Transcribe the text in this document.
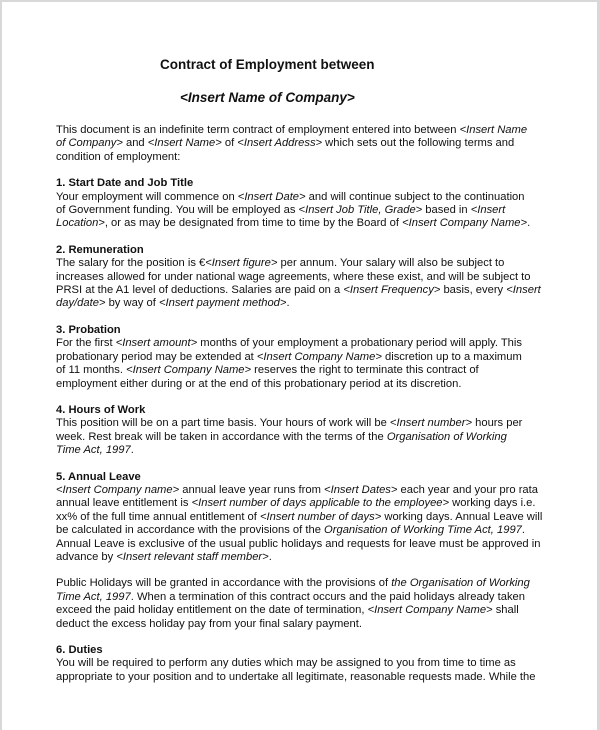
Contract of Employment between
<Insert Name of Company>

This document is an indefinite term contract of employment entered into between <Insert Name
of Company> and <Insert Name> of <Insert Address> which sets out the following terms and
condition of employment:

1. Start Date and Job Title

Your employment will commence on <Insert Date> and will continue subject to the continuation
of Government funding. You will be employed as <Insert Job Title, Grade> based in <Insert
Location>, or as may be designated from time to time by the Board of <Insert Company Name>.

2. Remuneration

The salary for the position is €<Insert figure> per annum. Your salary will also be subject to
increases allowed for under national wage agreements, where these exist, and will be subject to
PRSI at the A1 level of deductions. Salaries are paid on a <Insert Frequency> basis, every <Insert
day/date> by way of <Insert payment method>.

3. Probation

For the first <Insert amount> months of your employment a probationary period will apply. This
probationary period may be extended at <Insert Company Name> discretion up to a maximum
of 11 months. <Insert Company Name> reserves the right to terminate this contract of
employment either during or at the end of this probationary period at its discretion.

4. Hours of Work

This position will be on a part time basis. Your hours of work will be <Insert number> hours per
week. Rest break will be taken in accordance with the terms of the Organisation of Working
Time Act, 1997.

5. Annual Leave

<Insert Company name> annual leave year runs from <Insert Dates> each year and your pro rata
annual leave entitlement is <Insert number of days applicable to the employee> working days i.e.
xx% of the full time annual entitlement of <Insert number of days> working days. Annual Leave will
be calculated in accordance with the provisions of the Organisation of Working Time Act, 1997.
Annual Leave is exclusive of the usual public holidays and requests for leave must be approved in
advance by <Insert relevant staff member>.

Public Holidays will be granted in accordance with the provisions of the Organisation of Working
Time Act, 1997. When a termination of this contract occurs and the paid holidays already taken
exceed the paid holiday entitlement on the date of termination, <Insert Company Name> shall
deduct the excess holiday pay from your final salary payment.

6. Duties

You will be required to perform any duties which may be assigned to you from time to time as
appropriate to your position and to undertake all legitimate, reasonable requests made. While the
